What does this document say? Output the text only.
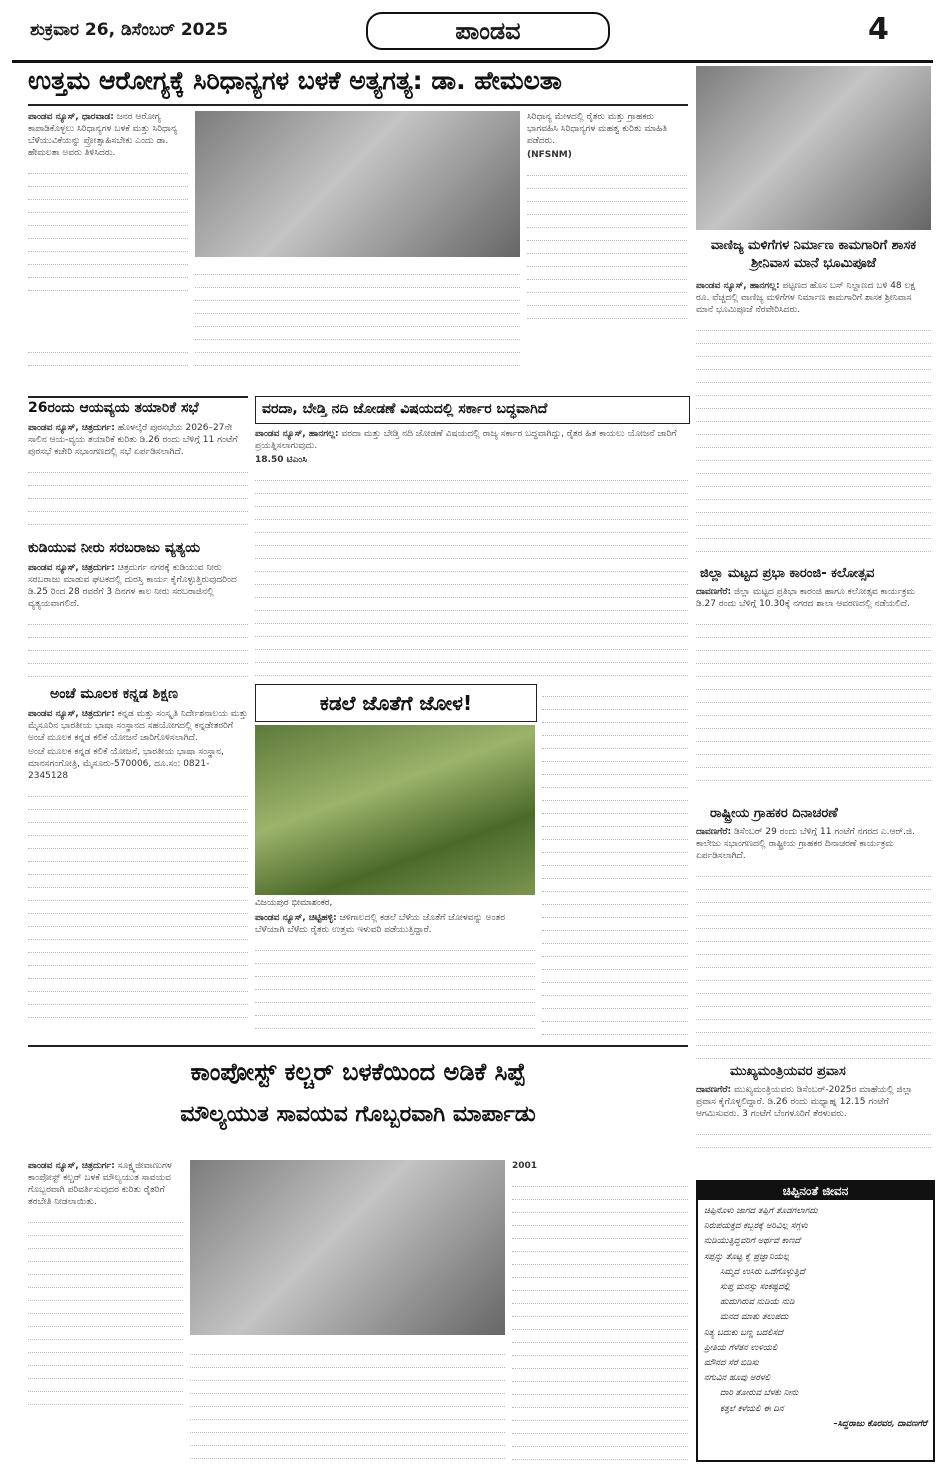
ಶುಕ್ರವಾರ 26, ಡಿಸೆಂಬರ್ 2025	ಪಾಂಡವ	4
ಉತ್ತಮ ಆರೋಗ್ಯಕ್ಕೆ ಸಿರಿಧಾನ್ಯಗಳ ಬಳಕೆ ಅತ್ಯಗತ್ಯ: ಡಾ. ಹೇಮಲತಾ

ಪಾಂಡವ ನ್ಯೂಸ್, ಧಾರವಾಡ: ಜನರ ಆರೋಗ್ಯ ಕಾಪಾಡಿಕೊಳ್ಳಲು ಸಿರಿಧಾನ್ಯಗಳ ಬಳಕೆ ಮತ್ತು ಸಿರಿಧಾನ್ಯ ಬೆಳೆಯುವಿಕೆಯನ್ನು ಪ್ರೋತ್ಸಾಹಿಸಬೇಕು ಎಂದು ಡಾ. ಹೇಮಲತಾ ಅವರು ತಿಳಿಸಿದರು.

ಸಿರಿಧಾನ್ಯ ಮೇಳದಲ್ಲಿ ರೈತರು ಮತ್ತು ಗ್ರಾಹಕರು ಭಾಗವಹಿಸಿ ಸಿರಿಧಾನ್ಯಗಳ ಮಹತ್ವ ಕುರಿತು ಮಾಹಿತಿ ಪಡೆದರು.

(NFSNM)

ವಾಣಿಜ್ಯ ಮಳಿಗೆಗಳ ನಿರ್ಮಾಣ ಕಾಮಗಾರಿಗೆ ಶಾಸಕ ಶ್ರೀನಿವಾಸ ಮಾನೆ ಭೂಮಿಪೂಜೆ

ಪಾಂಡವ ನ್ಯೂಸ್, ಹಾನಗಲ್ಲ: ಪಟ್ಟಣದ ಹೊಸ ಬಸ್ ನಿಲ್ದಾಣದ ಬಳಿ 48 ಲಕ್ಷ ರೂ. ವೆಚ್ಚದಲ್ಲಿ ವಾಣಿಜ್ಯ ಮಳಿಗೆಗಳ ನಿರ್ಮಾಣ ಕಾಮಗಾರಿಗೆ ಶಾಸಕ ಶ್ರೀನಿವಾಸ ಮಾನೆ ಭೂಮಿಪೂಜೆ ನೆರವೇರಿಸಿದರು.

26ರಂದು ಆಯವ್ಯಯ ತಯಾರಿಕೆ ಸಭೆ

ಪಾಂಡವ ನ್ಯೂಸ್, ಚಿತ್ರದುರ್ಗ: ಹೊಳಲ್ಕೆರೆ ಪುರಸಭೆಯ 2026–27ನೇ ಸಾಲಿನ ಆಯ-ವ್ಯಯ ತಯಾರಿಕೆ ಕುರಿತು ಡಿ.26 ರಂದು ಬೆಳಿಗ್ಗೆ 11 ಗಂಟೆಗೆ ಪುರಸಭೆ ಕಚೇರಿ ಸಭಾಂಗಣದಲ್ಲಿ ಸಭೆ ಏರ್ಪಡಿಸಲಾಗಿದೆ.

ಕುಡಿಯುವ ನೀರು ಸರಬರಾಜು ವ್ಯತ್ಯಯ

ಪಾಂಡವ ನ್ಯೂಸ್, ಚಿತ್ರದುರ್ಗ: ಚಿತ್ರದುರ್ಗ ನಗರಕ್ಕೆ ಕುಡಿಯುವ ನೀರು ಸರಬರಾಜು ಮಾಡುವ ಘಟಕದಲ್ಲಿ ದುರಸ್ತಿ ಕಾರ್ಯ ಕೈಗೊಳ್ಳುತ್ತಿರುವುದರಿಂದ ಡಿ.25 ರಿಂದ 28 ರವರೆಗೆ 3 ದಿನಗಳ ಕಾಲ ನೀರು ಸರಬರಾಜಿನಲ್ಲಿ ವ್ಯತ್ಯಯವಾಗಲಿದೆ.

ಅಂಚೆ ಮೂಲಕ ಕನ್ನಡ ಶಿಕ್ಷಣ

ಪಾಂಡವ ನ್ಯೂಸ್, ಚಿತ್ರದುರ್ಗ: ಕನ್ನಡ ಮತ್ತು ಸಂಸ್ಕೃತಿ ನಿರ್ದೇಶನಾಲಯ ಮತ್ತು ಮೈಸೂರಿನ ಭಾರತೀಯ ಭಾಷಾ ಸಂಸ್ಥಾನದ ಸಹಯೋಗದಲ್ಲಿ ಕನ್ನಡೇತರರಿಗೆ ಅಂಚೆ ಮೂಲಕ ಕನ್ನಡ ಕಲಿಕೆ ಯೋಜನೆ ಜಾರಿಗೊಳಿಸಲಾಗಿದೆ.

ಅಂಚೆ ಮೂಲಕ ಕನ್ನಡ ಕಲಿಕೆ ಯೋಜನೆ, ಭಾರತೀಯ ಭಾಷಾ ಸಂಸ್ಥಾನ, ಮಾನಸಗಂಗೋತ್ರಿ, ಮೈಸೂರು-570006, ದೂ.ಸಂ: 0821-2345128

ವರದಾ, ಬೇಡ್ತಿ ನದಿ ಜೋಡಣೆ ವಿಷಯದಲ್ಲಿ ಸರ್ಕಾರ ಬದ್ಧವಾಗಿದೆ

ಪಾಂಡವ ನ್ಯೂಸ್, ಹಾನಗಲ್ಲ: ವರದಾ ಮತ್ತು ಬೇಡ್ತಿ ನದಿ ಜೋಡಣೆ ವಿಷಯದಲ್ಲಿ ರಾಜ್ಯ ಸರ್ಕಾರ ಬದ್ಧವಾಗಿದ್ದು, ರೈತರ ಹಿತ ಕಾಯಲು ಯೋಜನೆ ಜಾರಿಗೆ ಪ್ರಯತ್ನಿಸಲಾಗುವುದು.

18.50 ಟಿಎಂಸಿ

ಕಡಲೆ ಜೊತೆಗೆ ಜೋಳ!
ವಿಜಯಪುರ ಭೀಮಾಶಂಕರ,

ಪಾಂಡವ ನ್ಯೂಸ್, ಚಿಟ್ಟಿಹಳ್ಳಿ: ಚಳಿಗಾಲದಲ್ಲಿ ಕಡಲೆ ಬೆಳೆಯ ಜೊತೆಗೆ ಜೋಳವನ್ನು ಅಂತರ ಬೆಳೆಯಾಗಿ ಬೆಳೆದು ರೈತರು ಉತ್ತಮ ಇಳುವರಿ ಪಡೆಯುತ್ತಿದ್ದಾರೆ.

ಜಿಲ್ಲಾ ಮಟ್ಟದ ಪ್ರಭಾ ಕಾರಂಜಿ- ಕಲೋತ್ಸವ

ದಾವಣಗೆರೆ: ಜಿಲ್ಲಾ ಮಟ್ಟದ ಪ್ರತಿಭಾ ಕಾರಂಜಿ ಹಾಗೂ ಕಲೋತ್ಸವ ಕಾರ್ಯಕ್ರಮ ಡಿ.27 ರಂದು ಬೆಳಿಗ್ಗೆ 10.30ಕ್ಕೆ ನಗರದ ಶಾಲಾ ಆವರಣದಲ್ಲಿ ನಡೆಯಲಿದೆ.

ರಾಷ್ಟ್ರೀಯ ಗ್ರಾಹಕರ ದಿನಾಚರಣೆ

ದಾವಣಗೆರೆ: ಡಿಸೆಂಬರ್ 29 ರಂದು ಬೆಳಿಗ್ಗೆ 11 ಗಂಟೆಗೆ ನಗರದ ಎ.ಆರ್.ಜಿ. ಕಾಲೇಜು ಸಭಾಂಗಣದಲ್ಲಿ ರಾಷ್ಟ್ರೀಯ ಗ್ರಾಹಕರ ದಿನಾಚರಣೆ ಕಾರ್ಯಕ್ರಮ ಏರ್ಪಡಿಸಲಾಗಿದೆ.

ಮುಖ್ಯಮಂತ್ರಿಯವರ ಪ್ರವಾಸ

ದಾವಣಗೆರೆ: ಮುಖ್ಯಮಂತ್ರಿಯವರು ಡಿಸೆಂಬರ್-2025ರ ಮಾಹೆಯಲ್ಲಿ ಜಿಲ್ಲಾ ಪ್ರವಾಸ ಕೈಗೊಳ್ಳಲಿದ್ದಾರೆ. ಡಿ.26 ರಂದು ಮಧ್ಯಾಹ್ನ 12.15 ಗಂಟೆಗೆ ಆಗಮಿಸುವರು. 3 ಗಂಟೆಗೆ ಬೆಂಗಳೂರಿಗೆ ತೆರಳುವರು.

ಕಾಂಪೋಸ್ಟ್ ಕಲ್ಚರ್ ಬಳಕೆಯಿಂದ ಅಡಿಕೆ ಸಿಪ್ಪೆ
ಮೌಲ್ಯಯುತ ಸಾವಯವ ಗೊಬ್ಬರವಾಗಿ ಮಾರ್ಪಾಡು

ಪಾಂಡವ ನ್ಯೂಸ್, ಚಿತ್ರದುರ್ಗ: ಸೂಕ್ಷ್ಮಜೀವಾಣುಗಳ ಕಾಂಪೋಸ್ಟ್ ಕಲ್ಚರ್ ಬಳಕೆ ಮೌಲ್ಯಯುತ ಸಾವಯವ ಗೊಬ್ಬರವಾಗಿ ಪರಿವರ್ತಿಸುವುದರ ಕುರಿತು ರೈತರಿಗೆ ತರಬೇತಿ ನೀಡಲಾಯಿತು.

2001

ಚಿಪ್ಪಿನಂತೆ ಜೀವನ
ಚಿಪ್ಪಿನೊಳು ಜಾಗದ ತಪ್ಪಿಗೆ ತೊಡಗಲಾಗದು
ನಿರುಪಯಕ್ತದ ಕಬ್ಬರಕ್ಕೆ ಅರಿವಿಲ್ಲ ಸಗ್ಗಳು
ನುಡಿಯುತ್ತಿದ್ದವರಿಗೆ ಅರ್ಥವೆ ಕಾಣದೆ
ಸಪ್ಪನ್ನು ತೊಟ್ಟ ಕೈ ಪ್ರಜ್ಞಾನಿಯಲ್ಲ
ಸಿಮ್ಮದ ಉಸಿರು ಒಡೆಗೊಳ್ಳುತ್ತಿದೆ
ಸುಪ್ತ ಮನಸ್ಸು ಸಂಕಷ್ಟದಲ್ಲಿ
ಹುದುಗಿರುವ ನುಡಿಯೆ ನುಡಿ
ಮನದ ಮಾತು ತಲುಪದು
ನಿತ್ಯ ಬದುಕು ಬಣ್ಣ ಬದಲಿಸದೆ
ಪ್ರೀತಿಯ ಗೆಳೆತನ ಉಳಿಯಲಿ
ಮೌನದ ಸೆರೆ ಬಿಡಿಸು
ನಗುವಿನ ಹೂವು ಅರಳಲಿ
ದಾರಿ ತೋರುವ ಬೆಳಕು ನೀನು
ಕತ್ತಲೆ ಕಳೆಯಲಿ ಈ ದಿನ
–ಸಿದ್ದರಾಜು ಕೊರವರ, ದಾವಣಗೆರೆ
